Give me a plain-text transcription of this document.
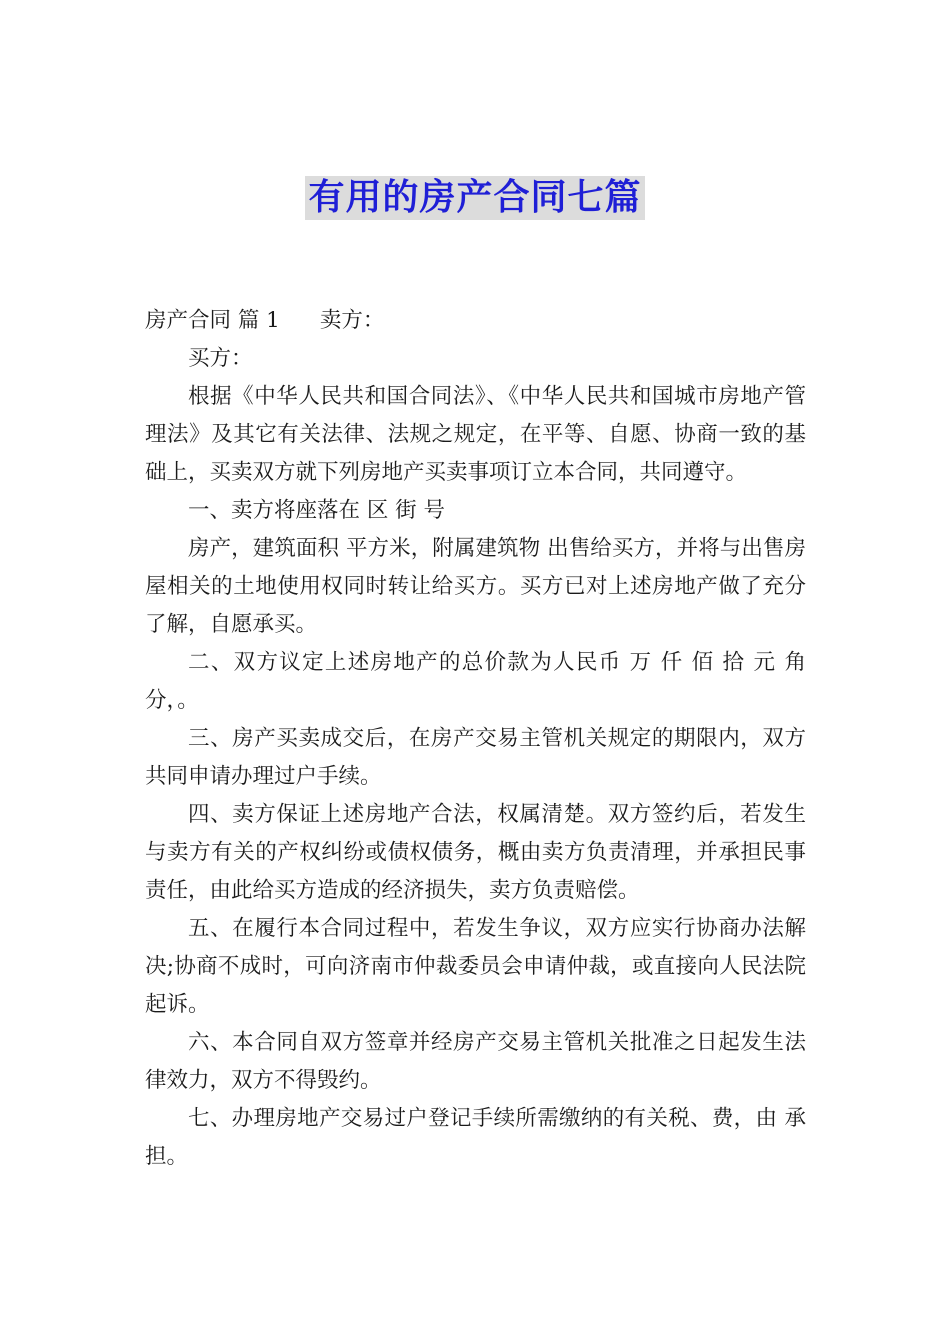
有用的房产合同七篇

房产合同 篇 1 卖方：

买方：

根据《中华人民共和国合同法》、《中华人民共和国城市房地产管理法》及其它有关法律、法规之规定，在平等、自愿、协商一致的基础上，买卖双方就下列房地产买卖事项订立本合同，共同遵守。

一、卖方将座落在 区 街 号

房产，建筑面积 平方米，附属建筑物 出售给买方，并将与出售房屋相关的土地使用权同时转让给买方。买方已对上述房地产做了充分了解，自愿承买。

二、双方议定上述房地产的总价款为人民币 万 仟 佰 拾 元 角 分，。

三、房产买卖成交后，在房产交易主管机关规定的期限内，双方共同申请办理过户手续。

四、卖方保证上述房地产合法，权属清楚。双方签约后，若发生与卖方有关的产权纠纷或债权债务，概由卖方负责清理，并承担民事责任，由此给买方造成的经济损失，卖方负责赔偿。

五、在履行本合同过程中，若发生争议，双方应实行协商办法解决;协商不成时，可向济南市仲裁委员会申请仲裁，或直接向人民法院起诉。

六、本合同自双方签章并经房产交易主管机关批准之日起发生法律效力，双方不得毁约。

七、办理房地产交易过户登记手续所需缴纳的有关税、费，由 承担。
